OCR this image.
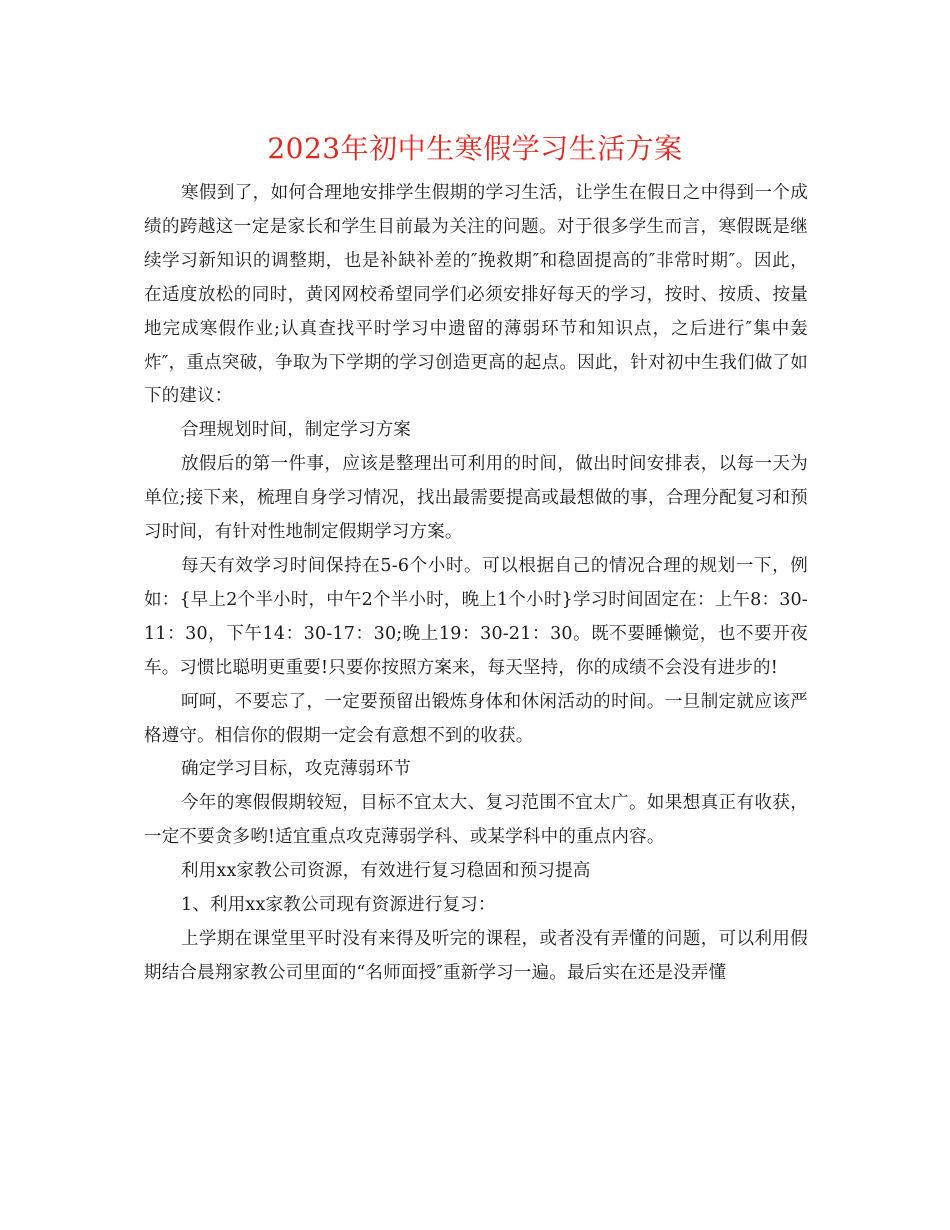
2023年初中生寒假学习生活方案

寒假到了，如何合理地安排学生假期的学习生活，让学生在假日之中得到一个成绩的跨越这一定是家长和学生目前最为关注的问题。对于很多学生而言，寒假既是继续学习新知识的调整期，也是补缺补差的″挽救期″和稳固提高的″非常时期″。因此，在适度放松的同时，黄冈网校希望同学们必须安排好每天的学习，按时、按质、按量地完成寒假作业;认真查找平时学习中遗留的薄弱环节和知识点，之后进行″集中轰炸″，重点突破，争取为下学期的学习创造更高的起点。因此，针对初中生我们做了如下的建议：

合理规划时间，制定学习方案

放假后的第一件事，应该是整理出可利用的时间，做出时间安排表，以每一天为单位;接下来，梳理自身学习情况，找出最需要提高或最想做的事，合理分配复习和预习时间，有针对性地制定假期学习方案。

每天有效学习时间保持在5-6个小时。可以根据自己的情况合理的规划一下，例如：{早上2个半小时，中午2个半小时，晚上1个小时}学习时间固定在：上午8：30-11：30，下午14：30-17：30;晚上19：30-21：30。既不要睡懒觉，也不要开夜车。习惯比聪明更重要!只要你按照方案来，每天坚持，你的成绩不会没有进步的!

呵呵，不要忘了，一定要预留出锻炼身体和休闲活动的时间。一旦制定就应该严格遵守。相信你的假期一定会有意想不到的收获。

确定学习目标，攻克薄弱环节

今年的寒假假期较短，目标不宜太大、复习范围不宜太广。如果想真正有收获，一定不要贪多哟!适宜重点攻克薄弱学科、或某学科中的重点内容。

利用xx家教公司资源，有效进行复习稳固和预习提高

1、利用xx家教公司现有资源进行复习：

上学期在课堂里平时没有来得及听完的课程，或者没有弄懂的问题，可以利用假期结合晨翔家教公司里面的“名师面授″重新学习一遍。最后实在还是没弄懂
